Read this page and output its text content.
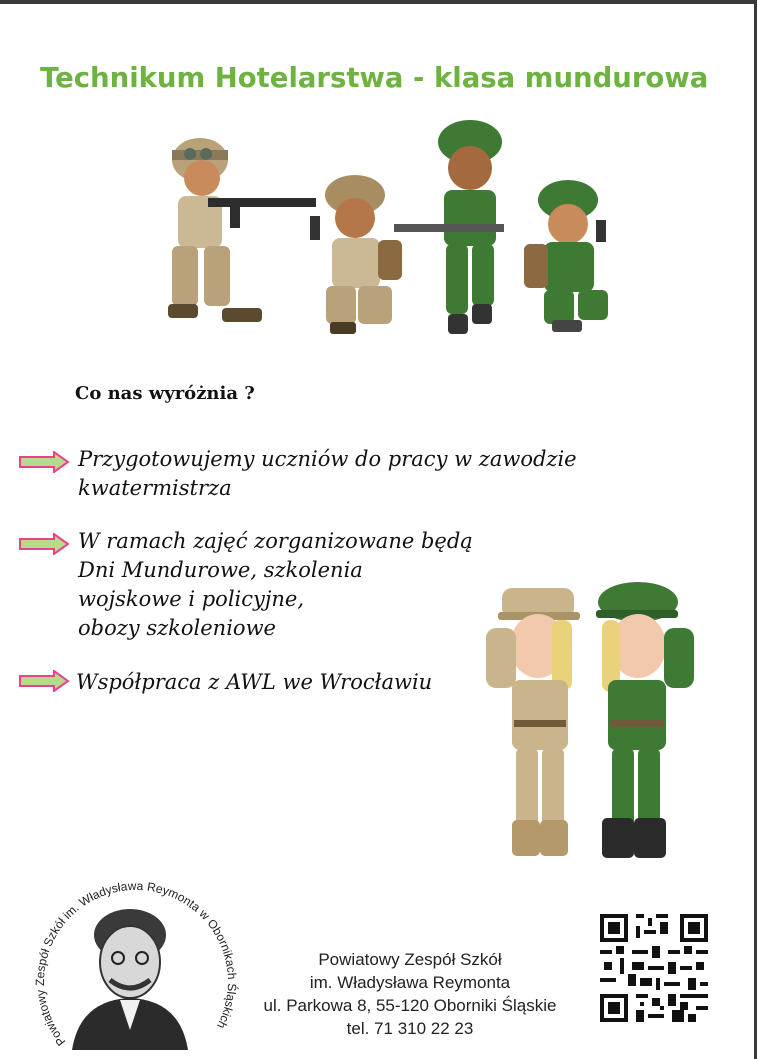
Technikum Hotelarstwa - klasa mundurowa
Co nas wyróżnia ?
Przygotowujemy uczniów do pracy w zawodzie
kwatermistrza
W ramach zajęć zorganizowane będą
Dni Mundurowe, szkolenia
wojskowe i policyjne,
obozy szkoleniowe
Współpraca z AWL we Wrocławiu
Powiatowy Zespół Szkół im. Władysława Reymonta w Obornikach Śląskich
Powiatowy Zespół Szkół
im. Władysława Reymonta
ul. Parkowa 8, 55-120 Oborniki Śląskie
tel. 71 310 22 23
